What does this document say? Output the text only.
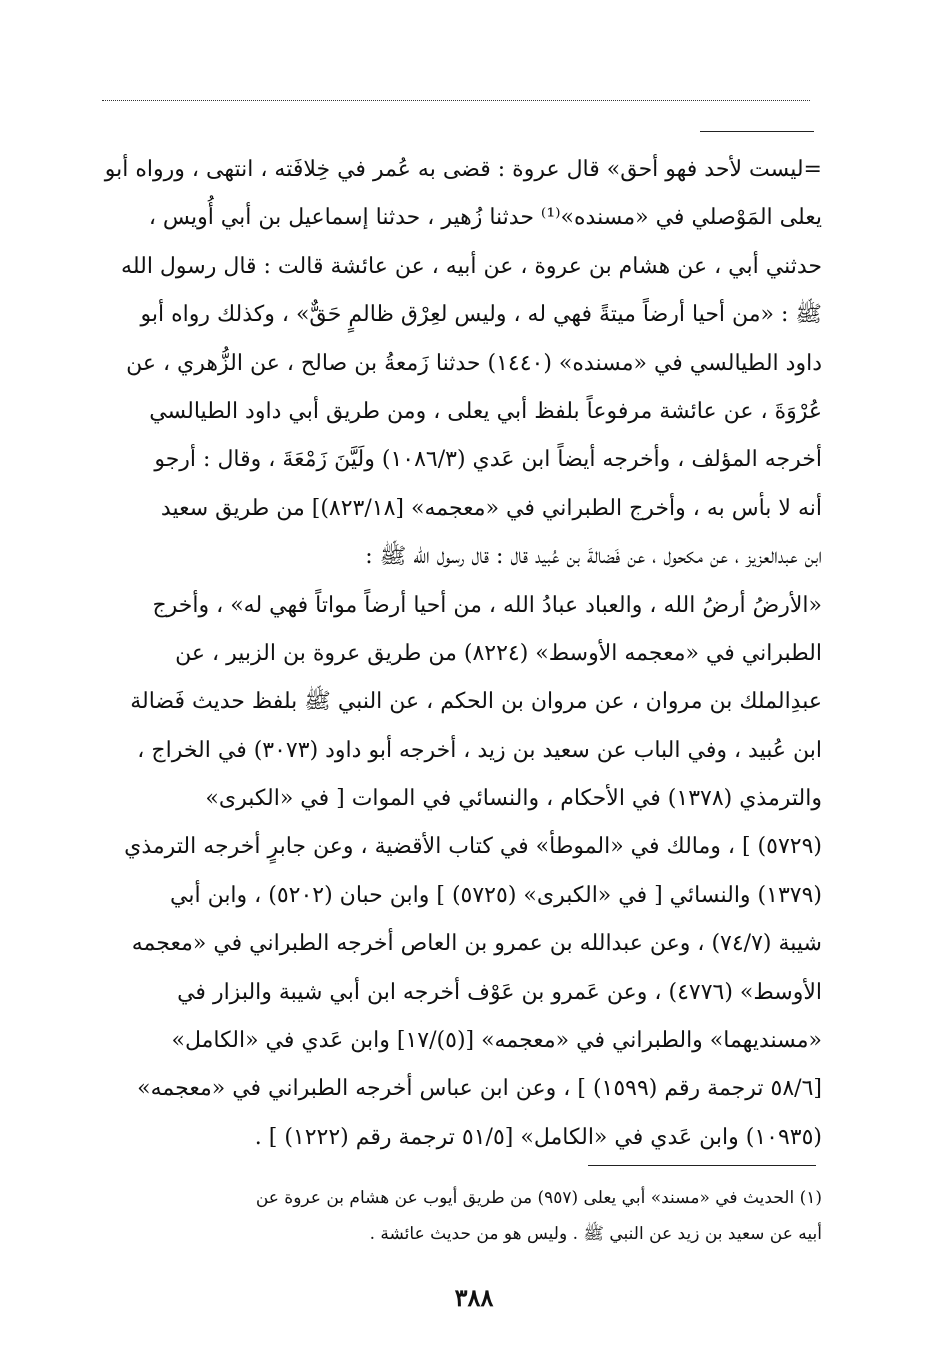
=ليست لأحد فهو أحق» قال عروة : قضى به عُمر في خِلافَته ، انتهى ، ورواه أبو
يعلى المَوْصلي في «مسنده»⁽¹⁾ حدثنا زُهير ، حدثنا إسماعيل بن أبي أُويس ،
حدثني أبي ، عن هشام بن عروة ، عن أبيه ، عن عائشة قالت : قال رسول الله
ﷺ : «من أحيا أرضاً ميتةً فهي له ، وليس لعِرْق ظالمٍ حَقٌّ» ، وكذلك رواه أبو
داود الطيالسي في «مسنده» (١٤٤٠) حدثنا زَمعةُ بن صالح ، عن الزُّهري ، عن
عُرْوَةَ ، عن عائشة مرفوعاً بلفظ أبي يعلى ، ومن طريق أبي داود الطيالسي
أخرجه المؤلف ، وأخرجه أيضاً ابن عَدي (١٠٨٦/٣) ولَيَّنَ زَمْعَةَ ، وقال : أرجو
أنه لا بأس به ، وأخرج الطبراني في «معجمه» [٨٢٣/١٨)] من طريق سعيد
ابن عبدالعزيز ، عن مكحول ، عن فَضالةَ بن عُبيد قال : قال رسول الله ﷺ :
«الأرضُ أرضُ الله ، والعباد عبادُ الله ، من أحيا أرضاً مواتاً فهي له» ، وأخرج
الطبراني في «معجمه الأوسط» (٨٢٢٤) من طريق عروة بن الزبير ، عن
عبدِالملك بن مروان ، عن مروان بن الحكم ، عن النبي ﷺ بلفظ حديث فَضالة
ابن عُبيد ، وفي الباب عن سعيد بن زيد ، أخرجه أبو داود (٣٠٧٣) في الخراج ،
والترمذي (١٣٧٨) في الأحكام ، والنسائي في الموات [ في «الكبرى»
(٥٧٢٩) ] ، ومالك في «الموطأ» في كتاب الأقضية ، وعن جابرٍ أخرجه الترمذي
(١٣٧٩) والنسائي [ في «الكبرى» (٥٧٢٥) ] وابن حبان (٥٢٠٢) ، وابن أبي
شيبة (٧٤/٧) ، وعن عبدالله بن عمرو بن العاص أخرجه الطبراني في «معجمه
الأوسط» (٤٧٧٦) ، وعن عَمرو بن عَوْف أخرجه ابن أبي شيبة والبزار في
«مسنديهما» والطبراني في «معجمه» [(٥)/١٧] وابن عَدي في «الكامل»
[٥٨/٦ ترجمة رقم (١٥٩٩) ] ، وعن ابن عباس أخرجه الطبراني في «معجمه»
(١٠٩٣٥) وابن عَدي في «الكامل» [٥١/٥ ترجمة رقم (١٢٢٢) ] .
(١) الحديث في «مسند» أبي يعلى (٩٥٧) من طريق أيوب عن هشام بن عروة عن
أبيه عن سعيد بن زيد عن النبي ﷺ . وليس هو من حديث عائشة .
٣٨٨
